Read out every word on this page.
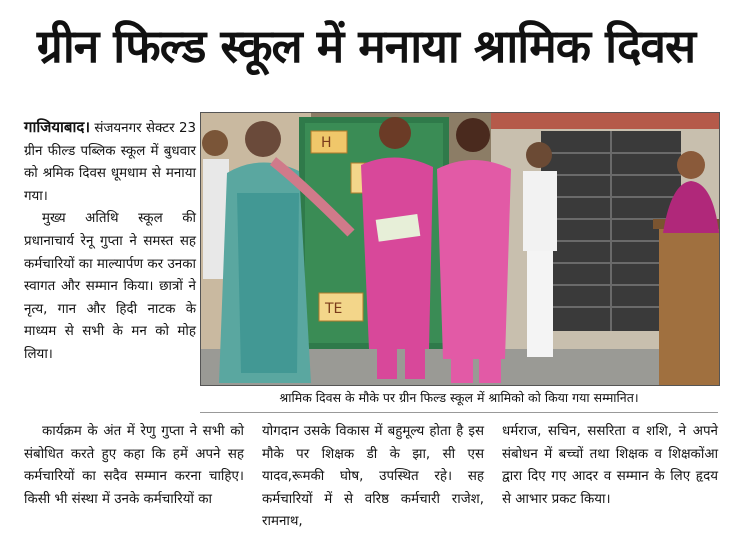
ग्रीन फिल्ड स्कूल में मनाया श्रामिक दिवस

गाजियाबाद। संजयनगर सेक्टर 23 ग्रीन फील्ड पब्लिक स्कूल में बुधवार को श्रमिक दिवस धूमधाम से मनाया गया।

मुख्य अतिथि स्कूल की प्रधानाचार्य रेनू गुप्ता ने समस्त सह कर्मचारियों का माल्यार्पण कर उनका स्वागत और सम्मान किया। छात्रों ने नृत्य, गान और हिदी नाटक के माध्यम से सभी के मन को मोह लिया।

H
TE
श्रामिक दिवस के मौके पर ग्रीन फिल्ड स्कूल में श्रामिको को किया गया सम्मानित।

कार्यक्रम के अंत में रेणु गुप्ता ने सभी को संबोधित करते हुए कहा कि हमें अपने सह कर्मचारियों का सदैव सम्मान करना चाहिए। किसी भी संस्था में उनके कर्मचारियों का

योगदान उसके विकास में बहुमूल्य होता है इस मौके पर शिक्षक डी के झा, सी एस यादव,रूमकी घोष, उपस्थित रहे। सह कर्मचारियों में से वरिष्ठ कर्मचारी राजेश, रामनाथ,

धर्मराज, सचिन, ससरिता व शशि, ने अपने संबोधन में बच्चों तथा शिक्षक व शिक्षकोंआ द्वारा दिए गए आदर व सम्मान के लिए हृदय से आभार प्रकट किया।
